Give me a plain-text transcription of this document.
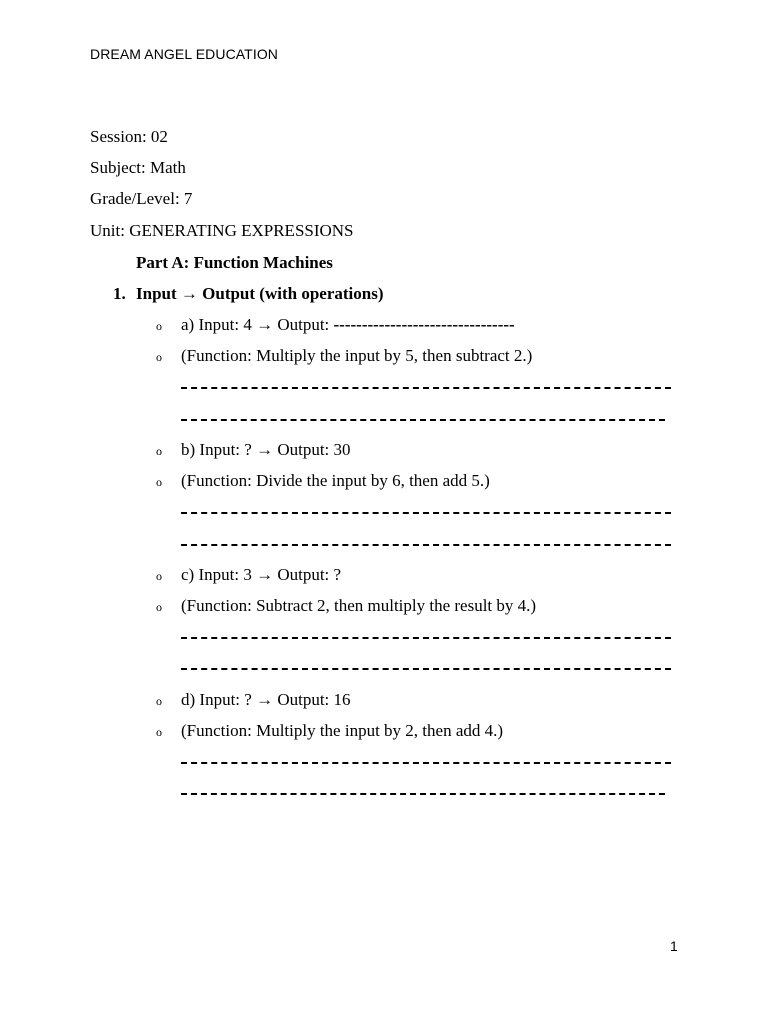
DREAM ANGEL EDUCATION
Session: 02
Subject: Math
Grade/Level: 7
Unit: GENERATING EXPRESSIONS
Part A: Function Machines
1. Input → Output (with operations)
o a) Input: 4 → Output: --------------------------------
o (Function: Multiply the input by 5, then subtract 2.)
o b) Input: ? → Output: 30
o (Function: Divide the input by 6, then add 5.)
o c) Input: 3 → Output: ?
o (Function: Subtract 2, then multiply the result by 4.)
o d) Input: ? → Output: 16
o (Function: Multiply the input by 2, then add 4.)
1
